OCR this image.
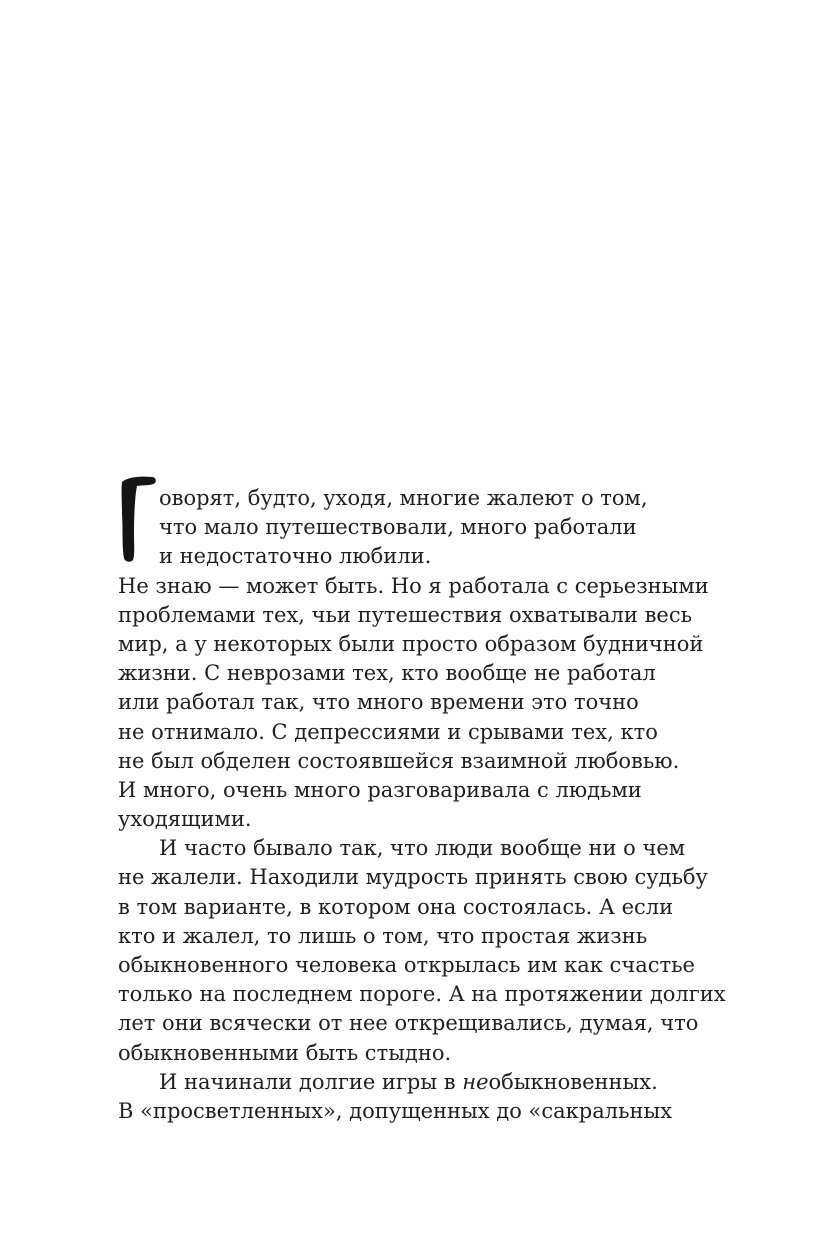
оворят, будто, уходя, многие жалеют о том,
что мало путешествовали, много работали
и недостаточно любили.
Не знаю — может быть. Но я работала с серьезными
проблемами тех, чьи путешествия охватывали весь
мир, а у некоторых были просто образом будничной
жизни. С неврозами тех, кто вообще не работал
или работал так, что много времени это точно
не отнимало. С депрессиями и срывами тех, кто
не был обделен состоявшейся взаимной любовью.
И много, очень много разговаривала с людьми
уходящими.
И часто бывало так, что люди вообще ни о чем
не жалели. Находили мудрость принять свою судьбу
в том варианте, в котором она состоялась. А если
кто и жалел, то лишь о том, что простая жизнь
обыкновенного человека открылась им как счастье
только на последнем пороге. А на протяжении долгих
лет они всячески от нее открещивались, думая, что
обыкновенными быть стыдно.
И начинали долгие игры в необыкновенных.
В «просветленных», допущенных до «сакральных
